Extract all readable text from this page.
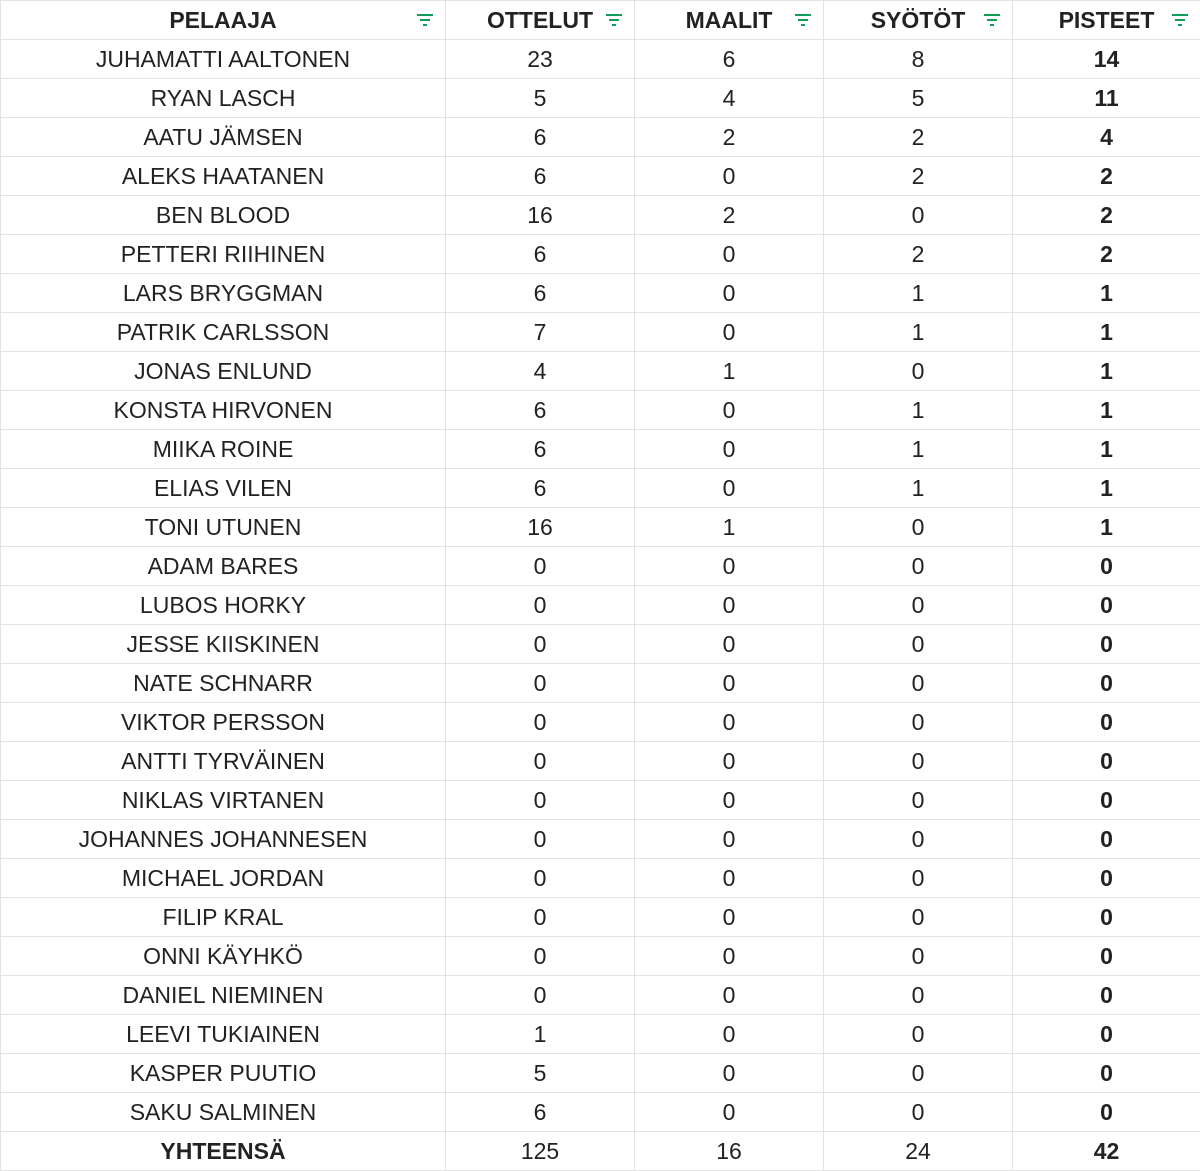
PELAAJA	OTTELUT	MAALIT	SYÖTÖT	PISTEET

JUHAMATTI AALTONEN	23	6	8	14
RYAN LASCH	5	4	5	11
AATU JÄMSEN	6	2	2	4
ALEKS HAATANEN	6	0	2	2
BEN BLOOD	16	2	0	2
PETTERI RIIHINEN	6	0	2	2
LARS BRYGGMAN	6	0	1	1
PATRIK CARLSSON	7	0	1	1
JONAS ENLUND	4	1	0	1
KONSTA HIRVONEN	6	0	1	1
MIIKA ROINE	6	0	1	1
ELIAS VILEN	6	0	1	1
TONI UTUNEN	16	1	0	1
ADAM BARES	0	0	0	0
LUBOS HORKY	0	0	0	0
JESSE KIISKINEN	0	0	0	0
NATE SCHNARR	0	0	0	0
VIKTOR PERSSON	0	0	0	0
ANTTI TYRVÄINEN	0	0	0	0
NIKLAS VIRTANEN	0	0	0	0
JOHANNES JOHANNESEN	0	0	0	0
MICHAEL JORDAN	0	0	0	0
FILIP KRAL	0	0	0	0
ONNI KÄYHKÖ	0	0	0	0
DANIEL NIEMINEN	0	0	0	0
LEEVI TUKIAINEN	1	0	0	0
KASPER PUUTIO	5	0	0	0
SAKU SALMINEN	6	0	0	0
YHTEENSÄ	125	16	24	42
